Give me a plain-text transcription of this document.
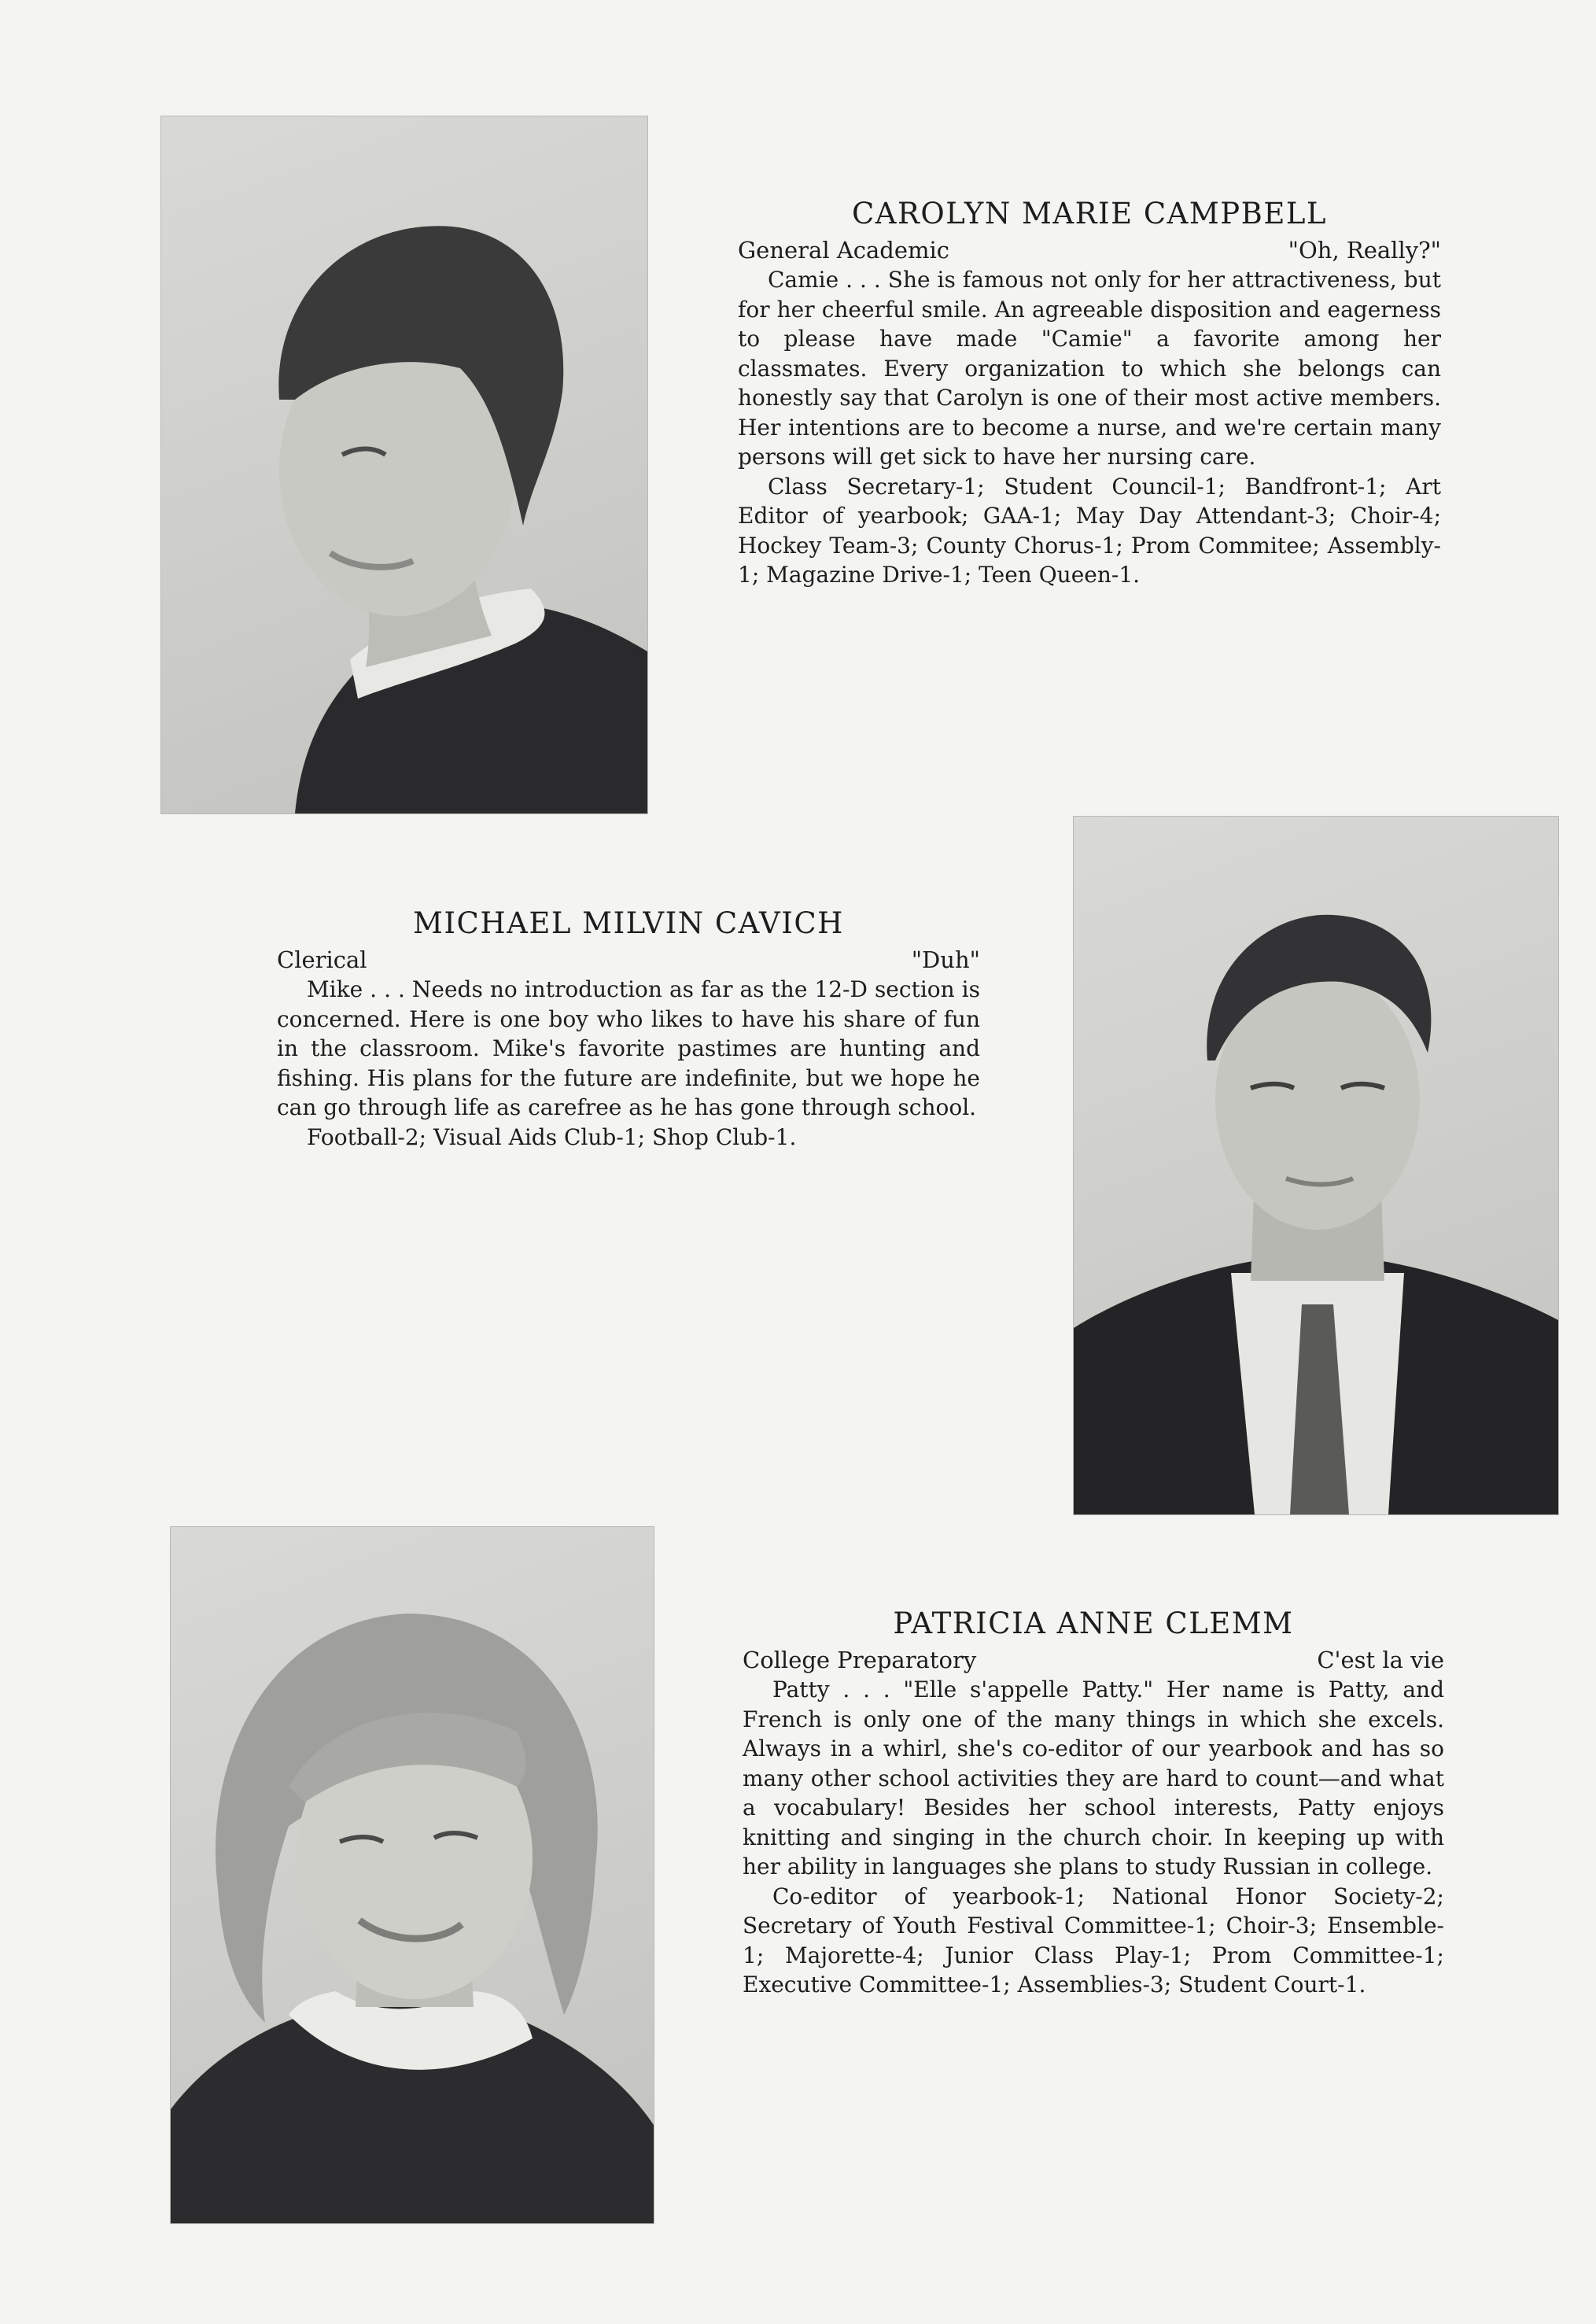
CAROLYN MARIE CAMPBELL
General Academic	"Oh, Really?"

Camie . . . She is famous not only for her attractiveness, but for her cheerful smile. An agreeable disposition and eagerness to please have made "Camie" a favorite among her classmates. Every organization to which she belongs can honestly say that Carolyn is one of their most active members. Her intentions are to become a nurse, and we're certain many persons will get sick to have her nursing care.

Class Secretary-1; Student Council-1; Bandfront-1; Art Editor of yearbook; GAA-1; May Day Attendant-3; Choir-4; Hockey Team-3; County Chorus-1; Prom Commitee; Assembly-1; Magazine Drive-1; Teen Queen-1.

MICHAEL MILVIN CAVICH
Clerical	"Duh"

Mike . . . Needs no introduction as far as the 12-D section is concerned. Here is one boy who likes to have his share of fun in the classroom. Mike's favorite pastimes are hunting and fishing. His plans for the future are indefinite, but we hope he can go through life as carefree as he has gone through school.

Football-2; Visual Aids Club-1; Shop Club-1.

PATRICIA ANNE CLEMM
College Preparatory	C'est la vie

Patty . . . "Elle s'appelle Patty." Her name is Patty, and French is only one of the many things in which she excels. Always in a whirl, she's co-editor of our yearbook and has so many other school activities they are hard to count—and what a vocabulary! Besides her school interests, Patty enjoys knitting and singing in the church choir. In keeping up with her ability in languages she plans to study Russian in college.

Co-editor of yearbook-1; National Honor Society-2; Secretary of Youth Festival Committee-1; Choir-3; Ensemble-1; Majorette-4; Junior Class Play-1; Prom Committee-1; Executive Committee-1; Assemblies-3; Student Court-1.
